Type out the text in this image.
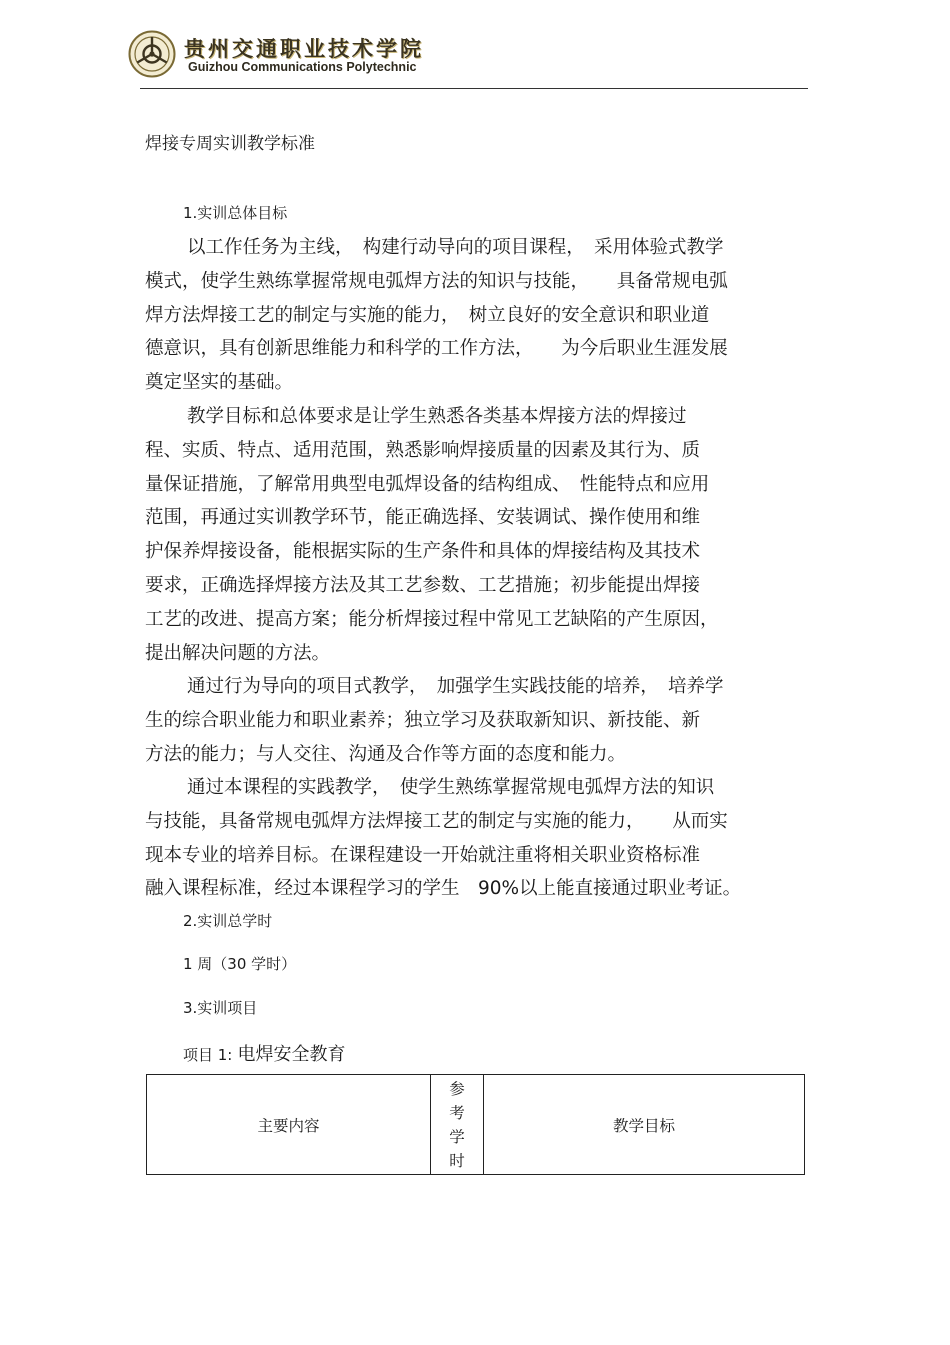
贵州交通职业技术学院
Guizhou Communications Polytechnic
焊接专周实训教学标准
1.实训总体目标
以工作任务为主线，　构建行动导向的项目课程，　采用体验式教学
模式，使学生熟练掌握常规电弧焊方法的知识与技能，　　具备常规电弧
焊方法焊接工艺的制定与实施的能力，　树立良好的安全意识和职业道
德意识，具有创新思维能力和科学的工作方法，　　为今后职业生涯发展
奠定坚实的基础。
教学目标和总体要求是让学生熟悉各类基本焊接方法的焊接过
程、实质、特点、适用范围，熟悉影响焊接质量的因素及其行为、质
量保证措施，了解常用典型电弧焊设备的结构组成、　性能特点和应用
范围，再通过实训教学环节，能正确选择、安装调试、操作使用和维
护保养焊接设备，能根据实际的生产条件和具体的焊接结构及其技术
要求，正确选择焊接方法及其工艺参数、工艺措施；初步能提出焊接
工艺的改进、提高方案；能分析焊接过程中常见工艺缺陷的产生原因，
提出解决问题的方法。
通过行为导向的项目式教学，　加强学生实践技能的培养，　培养学
生的综合职业能力和职业素养；独立学习及获取新知识、新技能、新
方法的能力；与人交往、沟通及合作等方面的态度和能力。
通过本课程的实践教学，　使学生熟练掌握常规电弧焊方法的知识
与技能，具备常规电弧焊方法焊接工艺的制定与实施的能力，　　从而实
现本专业的培养目标。在课程建设一开始就注重将相关职业资格标准
融入课程标准，经过本课程学习的学生　90%以上能直接通过职业考证。
2.实训总学时
1 周（30 学时）
3.实训项目
项目 1: 电焊安全教育
主要内容	参考学时	教学目标
